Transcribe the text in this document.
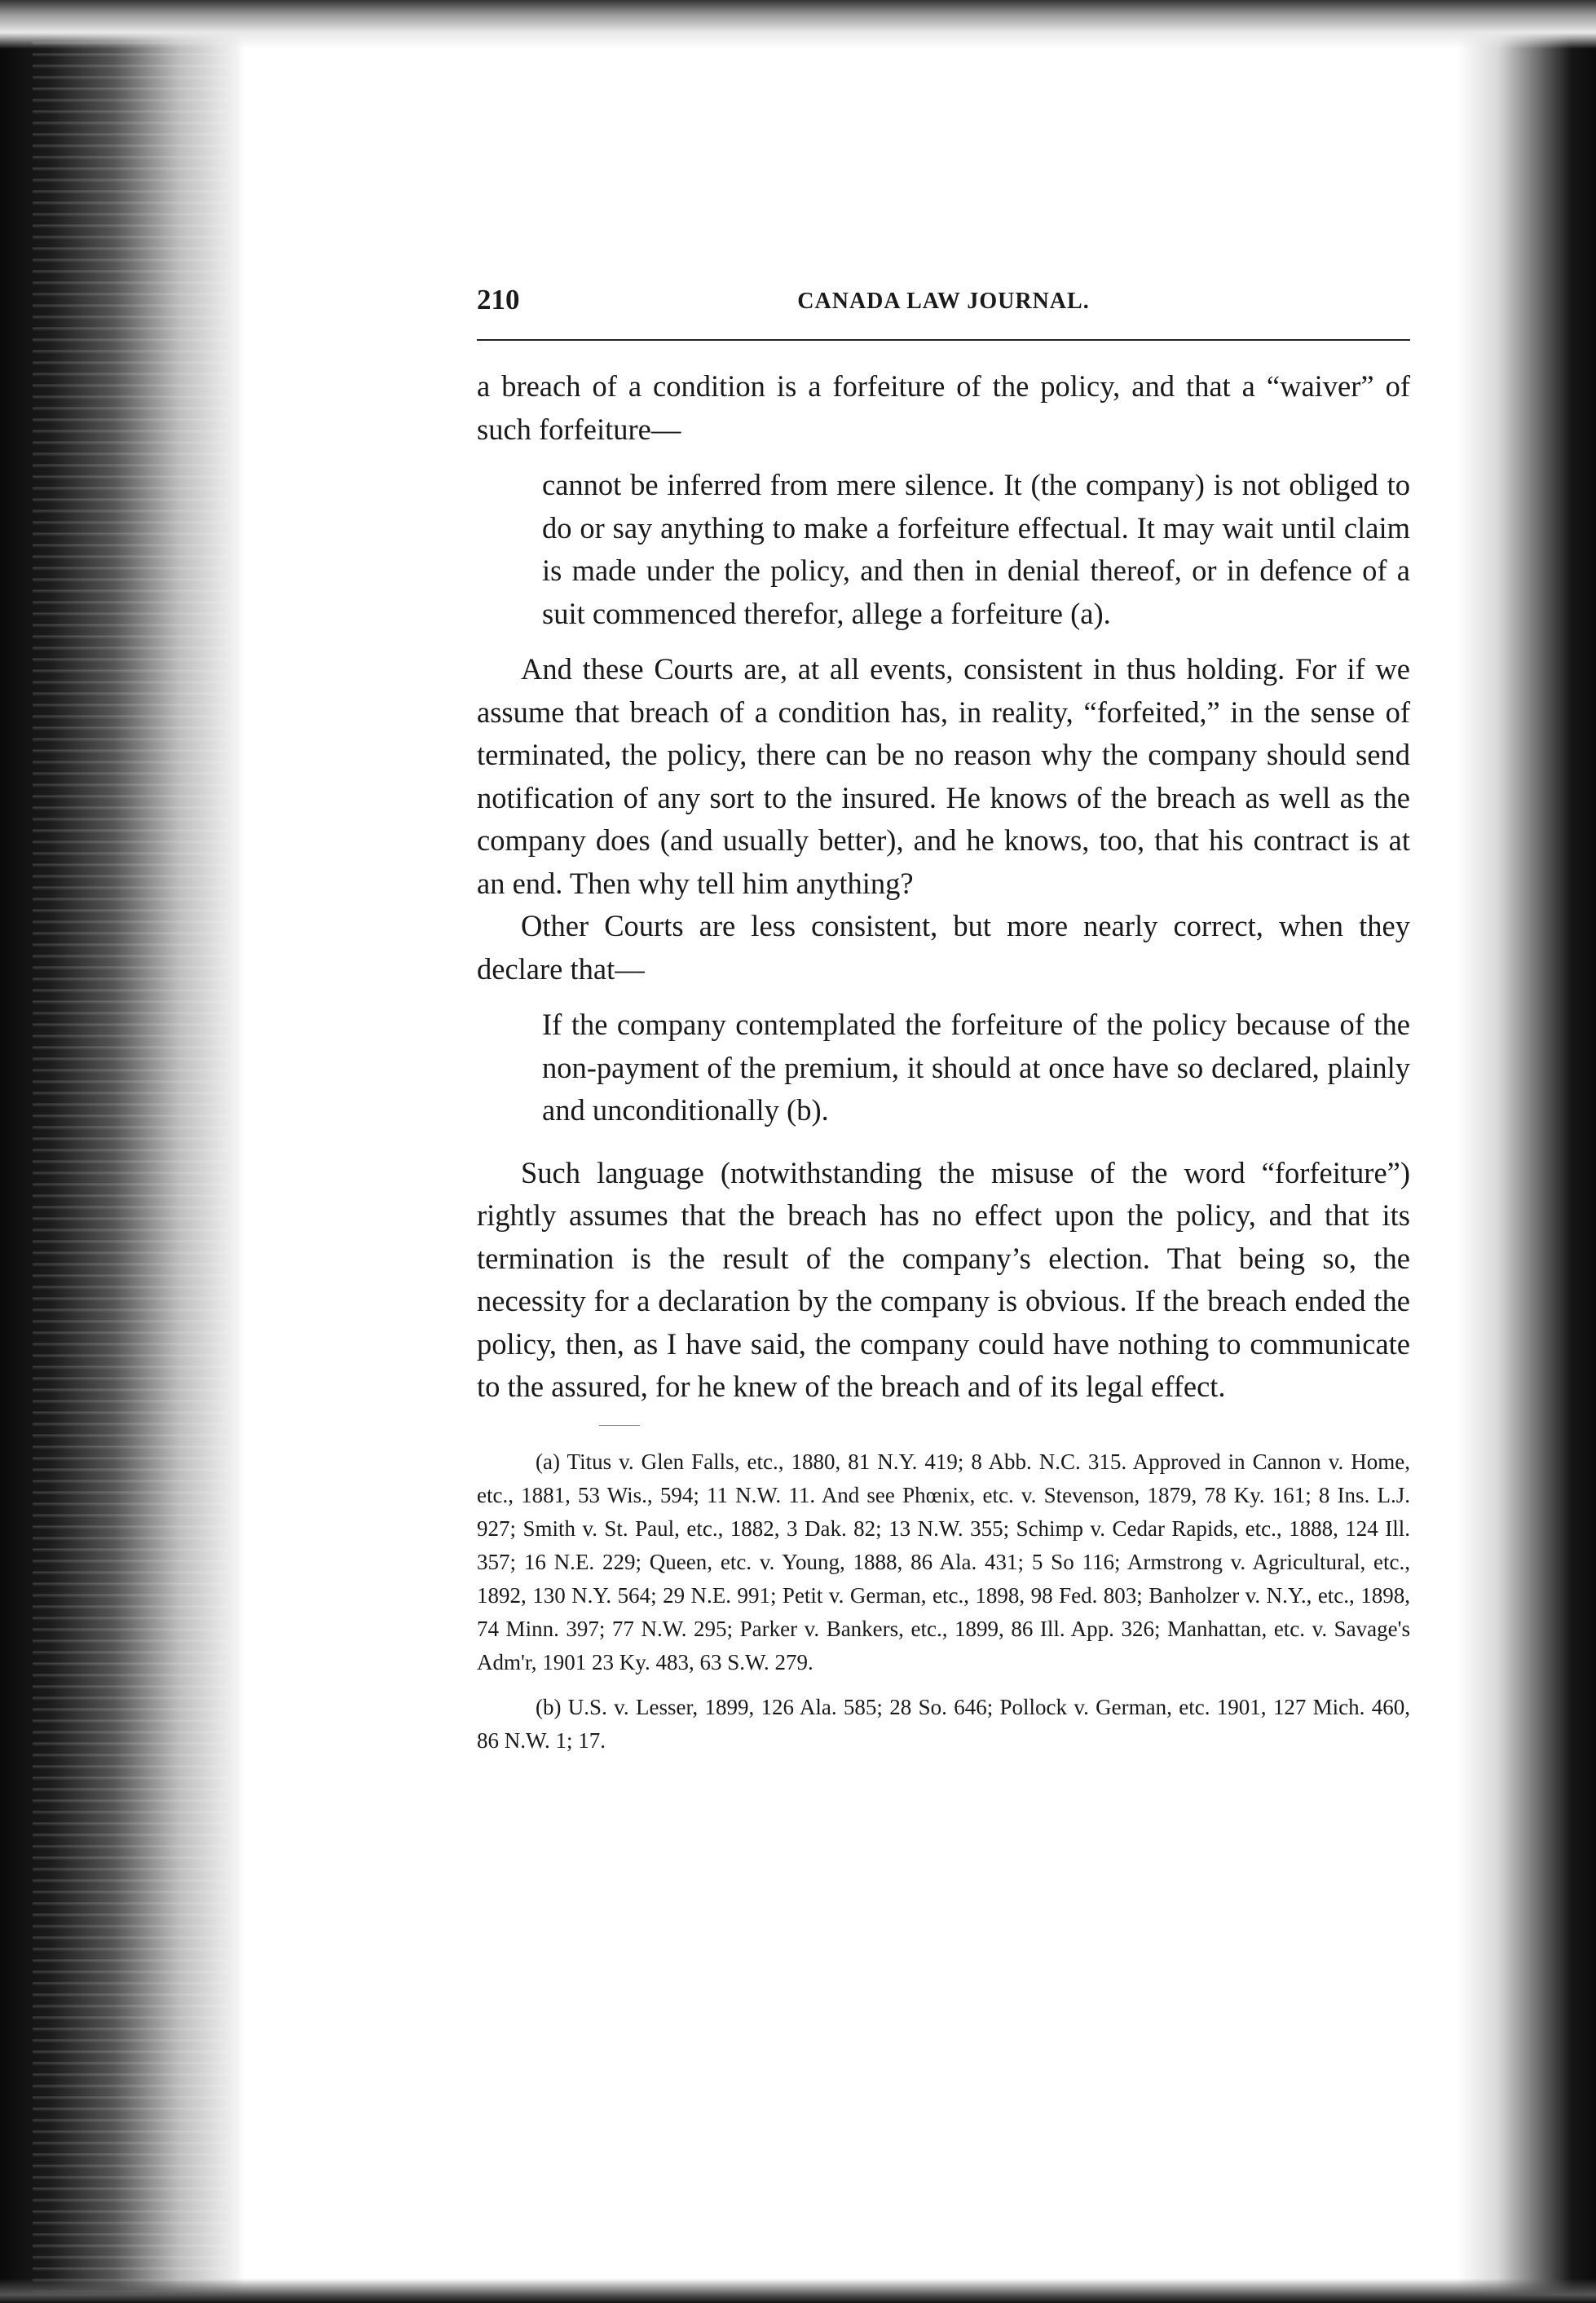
210	CANADA LAW JOURNAL.

a breach of a condition is a forfeiture of the policy, and that a “waiver” of such forfeiture—

cannot be inferred from mere silence. It (the company) is not obliged to do or say anything to make a forfeiture effectual. It may wait until claim is made under the policy, and then in denial thereof, or in defence of a suit commenced therefor, allege a forfeiture (a).

And these Courts are, at all events, consistent in thus holding. For if we assume that breach of a condition has, in reality, “forfeited,” in the sense of terminated, the policy, there can be no reason why the company should send notification of any sort to the insured. He knows of the breach as well as the company does (and usually better), and he knows, too, that his contract is at an end. Then why tell him anything?

Other Courts are less consistent, but more nearly correct, when they declare that—

If the company contemplated the forfeiture of the policy because of the non-payment of the premium, it should at once have so declared, plainly and unconditionally (b).

Such language (notwithstanding the misuse of the word “forfeiture”) rightly assumes that the breach has no effect upon the policy, and that its termination is the result of the company’s election. That being so, the necessity for a declaration by the company is obvious. If the breach ended the policy, then, as I have said, the company could have nothing to communicate to the assured, for he knew of the breach and of its legal effect.

(a) Titus v. Glen Falls, etc., 1880, 81 N.Y. 419; 8 Abb. N.C. 315. Approved in Cannon v. Home, etc., 1881, 53 Wis., 594; 11 N.W. 11. And see Phœnix, etc. v. Stevenson, 1879, 78 Ky. 161; 8 Ins. L.J. 927; Smith v. St. Paul, etc., 1882, 3 Dak. 82; 13 N.W. 355; Schimp v. Cedar Rapids, etc., 1888, 124 Ill. 357; 16 N.E. 229; Queen, etc. v. Young, 1888, 86 Ala. 431; 5 So 116; Armstrong v. Agricultural, etc., 1892, 130 N.Y. 564; 29 N.E. 991; Petit v. German, etc., 1898, 98 Fed. 803; Banholzer v. N.Y., etc., 1898, 74 Minn. 397; 77 N.W. 295; Parker v. Bankers, etc., 1899, 86 Ill. App. 326; Manhattan, etc. v. Savage's Adm'r, 1901 23 Ky. 483, 63 S.W. 279.

(b) U.S. v. Lesser, 1899, 126 Ala. 585; 28 So. 646; Pollock v. German, etc. 1901, 127 Mich. 460, 86 N.W. 1; 17.
